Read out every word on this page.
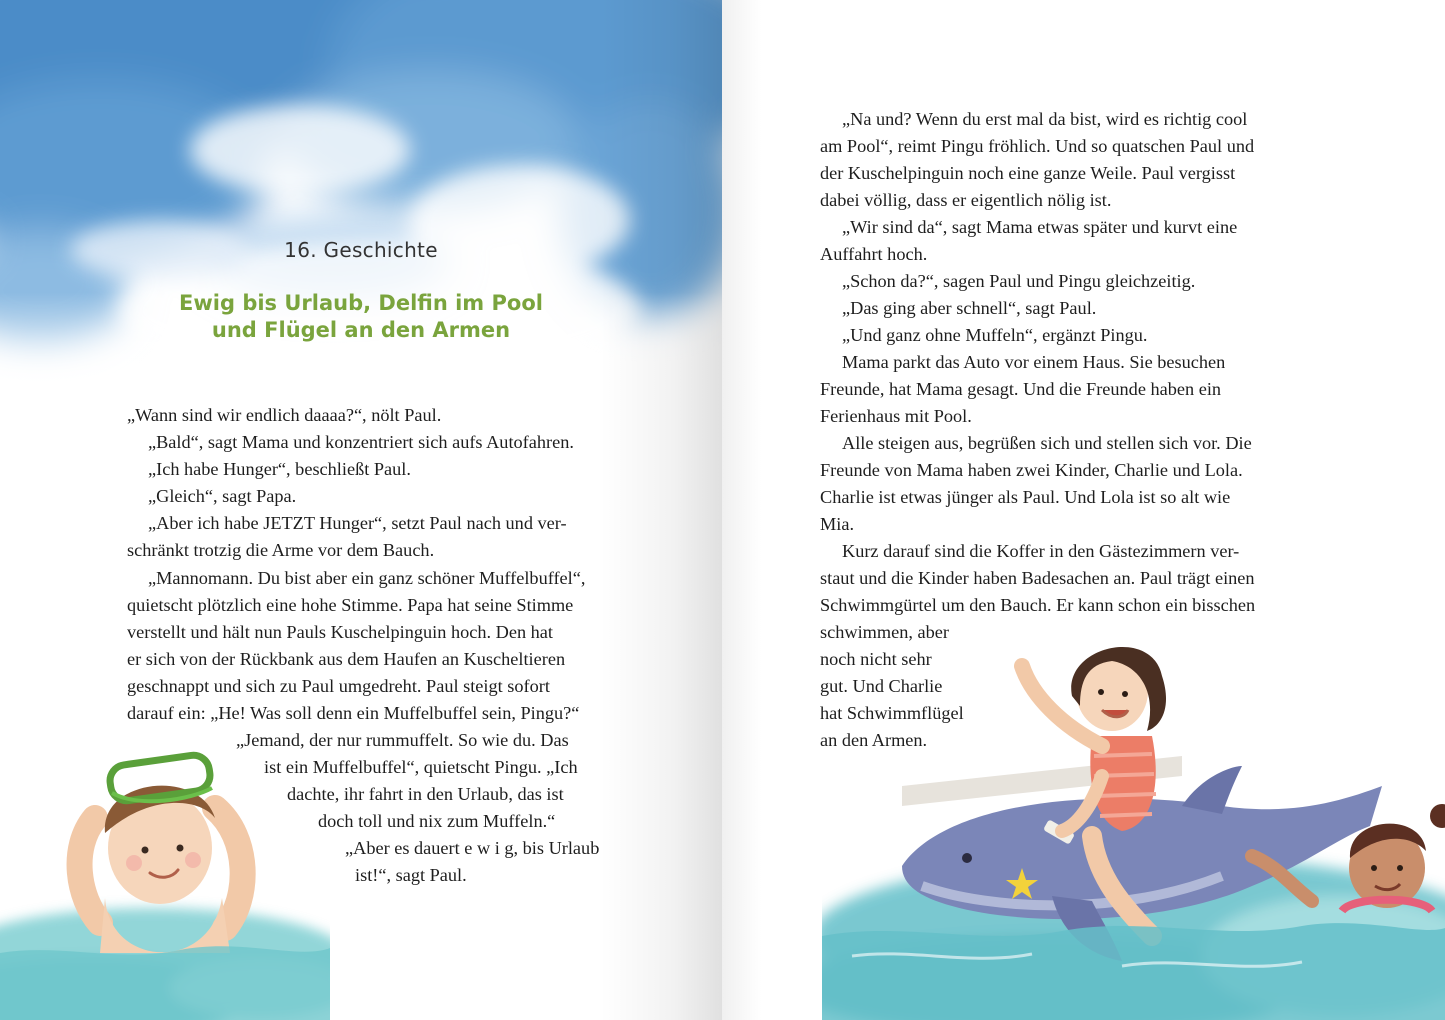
16. Geschichte
Ewig bis Urlaub, Delfin im Pool
und Flügel an den Armen
„Wann sind wir endlich daaaa?“, nölt Paul.
„Bald“, sagt Mama und konzentriert sich aufs Autofahren.
„Ich habe Hunger“, beschließt Paul.
„Gleich“, sagt Papa.
„Aber ich habe JETZT Hunger“, setzt Paul nach und ver-
schränkt trotzig die Arme vor dem Bauch.
„Mannomann. Du bist aber ein ganz schöner Muffelbuffel“,
quietscht plötzlich eine hohe Stimme. Papa hat seine Stimme
verstellt und hält nun Pauls Kuschelpinguin hoch. Den hat
er sich von der Rückbank aus dem Haufen an Kuscheltieren
geschnappt und sich zu Paul umgedreht. Paul steigt sofort
darauf ein: „He! Was soll denn ein Muffelbuffel sein, Pingu?“
„Jemand, der nur rummuffelt. So wie du. Das
ist ein Muffelbuffel“, quietscht Pingu. „Ich
dachte, ihr fahrt in den Urlaub, das ist
doch toll und nix zum Muffeln.“
„Aber es dauert e w i g, bis Urlaub
ist!“, sagt Paul.
„Na und? Wenn du erst mal da bist, wird es richtig cool
am Pool“, reimt Pingu fröhlich. Und so quatschen Paul und
der Kuschelpinguin noch eine ganze Weile. Paul vergisst
dabei völlig, dass er eigentlich nölig ist.
„Wir sind da“, sagt Mama etwas später und kurvt eine
Auffahrt hoch.
„Schon da?“, sagen Paul und Pingu gleichzeitig.
„Das ging aber schnell“, sagt Paul.
„Und ganz ohne Muffeln“, ergänzt Pingu.
Mama parkt das Auto vor einem Haus. Sie besuchen
Freunde, hat Mama gesagt. Und die Freunde haben ein
Ferienhaus mit Pool.
Alle steigen aus, begrüßen sich und stellen sich vor. Die
Freunde von Mama haben zwei Kinder, Charlie und Lola.
Charlie ist etwas jünger als Paul. Und Lola ist so alt wie
Mia.
Kurz darauf sind die Koffer in den Gästezimmern ver-
staut und die Kinder haben Badesachen an. Paul trägt einen
Schwimmgürtel um den Bauch. Er kann schon ein bisschen
schwimmen, aber
noch nicht sehr
gut. Und Charlie
hat Schwimmflügel
an den Armen.
